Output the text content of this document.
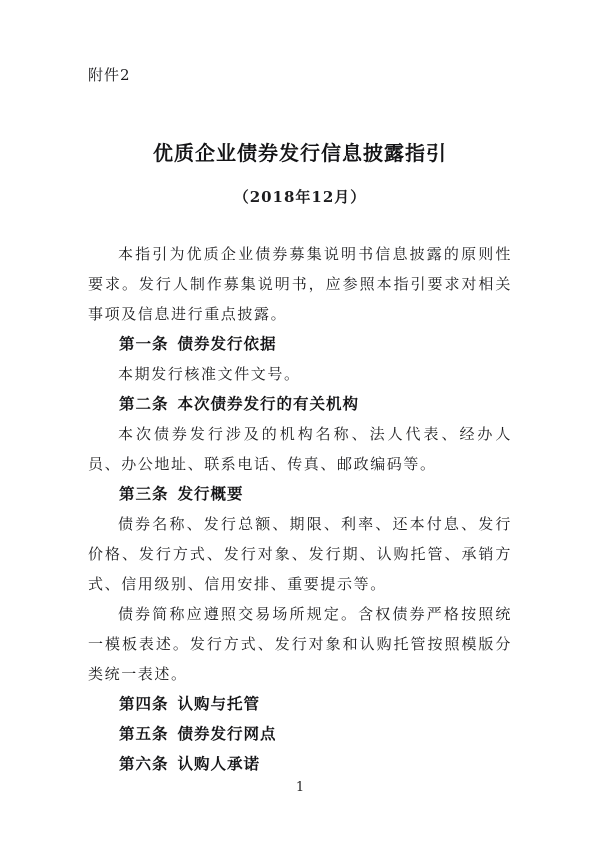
附件2
优质企业债券发行信息披露指引
（2018年12月）

本指引为优质企业债券募集说明书信息披露的原则性要求。发行人制作募集说明书，应参照本指引要求对相关事项及信息进行重点披露。

第一条 债券发行依据

本期发行核准文件文号。

第二条 本次债券发行的有关机构

本次债券发行涉及的机构名称、法人代表、经办人员、办公地址、联系电话、传真、邮政编码等。

第三条 发行概要

债券名称、发行总额、期限、利率、还本付息、发行价格、发行方式、发行对象、发行期、认购托管、承销方式、信用级别、信用安排、重要提示等。

债券简称应遵照交易场所规定。含权债券严格按照统一模板表述。发行方式、发行对象和认购托管按照模版分类统一表述。

第四条 认购与托管
第五条 债券发行网点
第六条 认购人承诺
1
